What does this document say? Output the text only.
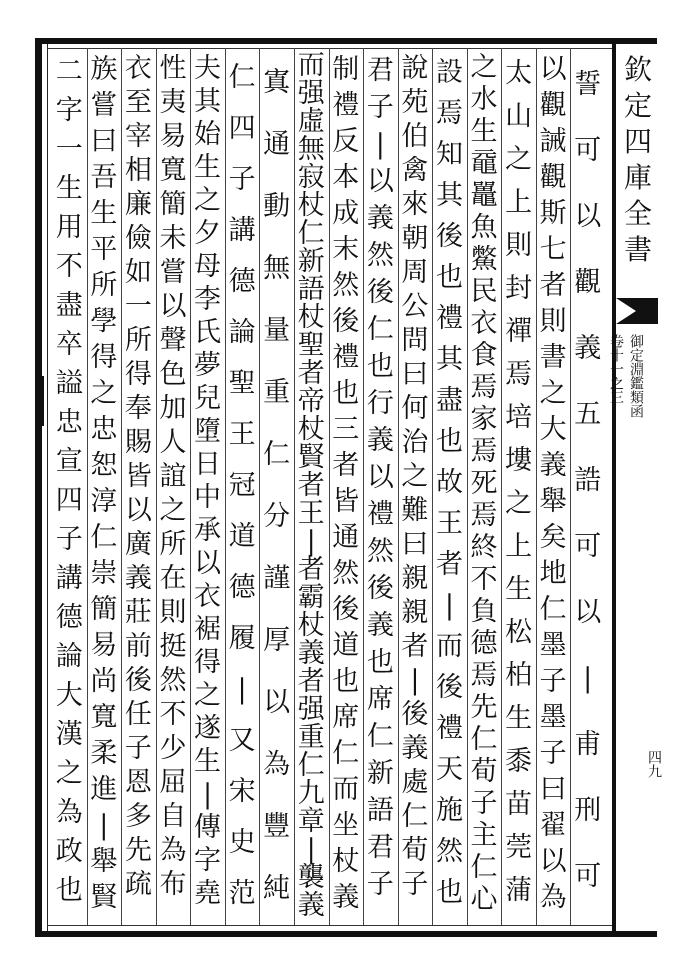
欽
定
四
庫
全
書
御定淵鑑類函
卷十一之三
四九
誓
可
以
觀
義
五
誥
可
以
|
甫
刑
可
以
觀
誡
觀
斯
七
者
則
書
之
大
義
舉
矣
地
仁
墨
子
墨
子
曰
翟
以
為
太
山
之
上
則
封
禪
焉
培
塿
之
上
生
松
柏
生
黍
苗
莞
蒲
之
水
生
黿
鼉
魚
鱉
民
衣
食
焉
家
焉
死
焉
終
不
負
德
焉
先
仁
荀
子
主
仁
心
設
焉
知
其
後
也
禮
其
盡
也
故
王
者
|
而
後
禮
天
施
然
也
說
苑
伯
禽
來
朝
周
公
問
曰
何
治
之
難
曰
親
親
者
|
後
義
處
仁
荀
子
君
子
|
以
義
然
後
仁
也
行
義
以
禮
然
後
義
也
席
仁
新
語
君
子
制
禮
反
本
成
末
然
後
禮
也
三
者
皆
通
然
後
道
也
席
仁
而
坐
杖
義
而
强
虛
無
寂
杖
仁
新
語
杖
聖
者
帝
杖
賢
者
王
|
者
霸
杖
義
者
强
重
仁
九
章
|
襲
義
寘
通
動
無
量
重
仁
分
謹
厚
以
為
豐
純
仁
四
子
講
德
論
聖
王
冠
道
德
履
|
又
宋
史
范
夫
其
始
生
之
夕
母
李
氏
夢
兒
墮
日
中
承
以
衣
裾
得
之
遂
生
|
傳
字
堯
性
夷
易
寬
簡
未
嘗
以
聲
色
加
人
誼
之
所
在
則
挺
然
不
少
屈
自
為
布
衣
至
宰
相
廉
儉
如
一
所
得
奉
賜
皆
以
廣
義
莊
前
後
任
子
恩
多
先
疏
族
嘗
曰
吾
生
平
所
學
得
之
忠
恕
淳
仁
崇
簡
易
尚
寬
柔
進
|
舉
賢
二
字
一
生
用
不
盡
卒
謚
忠
宣
四
子
講
德
論
大
漢
之
為
政
也
